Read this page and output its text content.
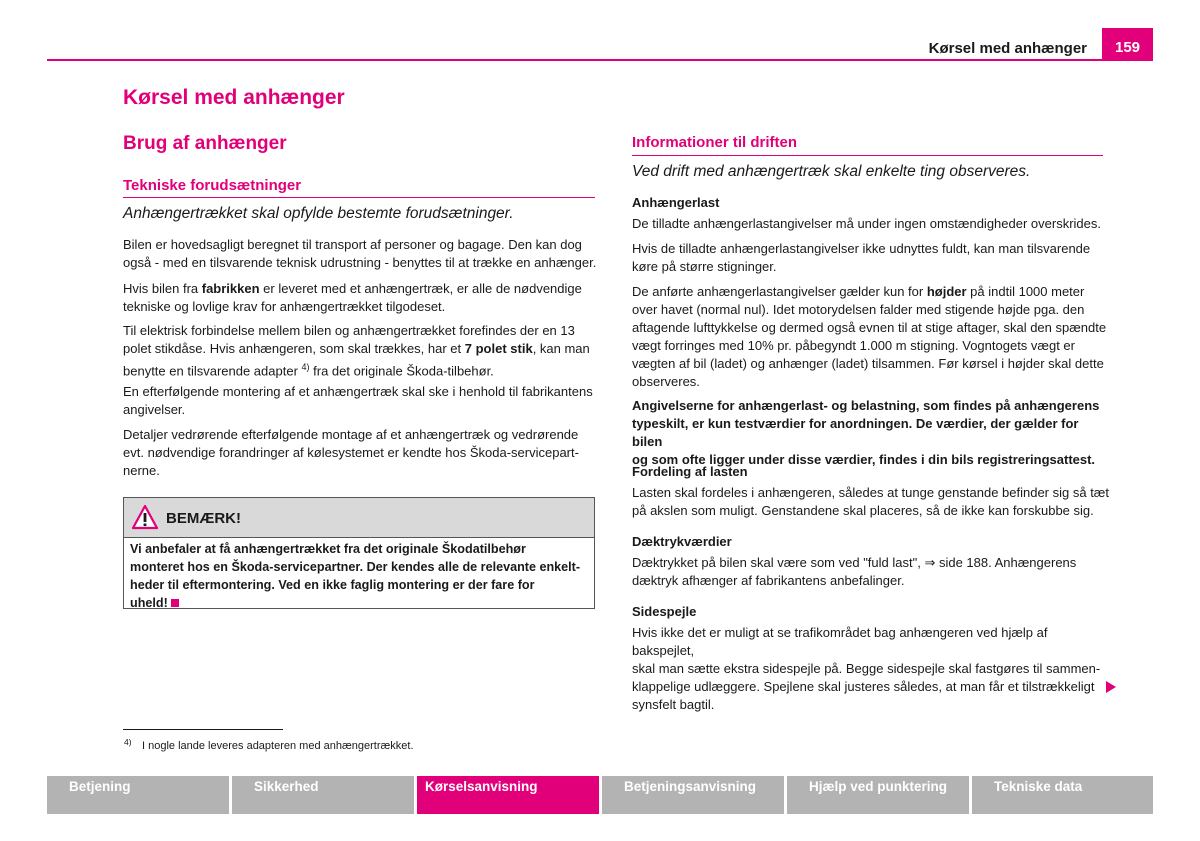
Kørsel med anhænger	159
Kørsel med anhænger
Brug af anhænger
Tekniske forudsætninger
Anhængertrækket skal opfylde bestemte forudsætninger.
Bilen er hovedsagligt beregnet til transport af personer og bagage. Den kan dog
også - med en tilsvarende teknisk udrustning - benyttes til at trække en anhænger.
Hvis bilen fra fabrikken er leveret med et anhængertræk, er alle de nødvendige
tekniske og lovlige krav for anhængertrækket tilgodeset.
Til elektrisk forbindelse mellem bilen og anhængertrækket forefindes der en 13
polet stikdåse. Hvis anhængeren, som skal trækkes, har et 7 polet stik, kan man
benytte en tilsvarende adapter $^{4)}$ fra det originale Škoda-tilbehør.
En efterfølgende montering af et anhængertræk skal ske i henhold til fabrikantens
angivelser.
Detaljer vedrørende efterfølgende montage af et anhængertræk og vedrørende
evt. nødvendige forandringer af kølesystemet er kendte hos Škoda-servicepart-
nerne.
BEMÆRK!
Vi anbefaler at få anhængertrækket fra det originale Škodatilbehør
monteret hos en Škoda-servicepartner. Der kendes alle de relevante enkelt-
heder til eftermontering. Ved en ikke faglig montering er der fare for
uheld!
Informationer til driften
Ved drift med anhængertræk skal enkelte ting observeres.
Anhængerlast
De tilladte anhængerlastangivelser må under ingen omstændigheder overskrides.
Hvis de tilladte anhængerlastangivelser ikke udnyttes fuldt, kan man tilsvarende
køre på større stigninger.
De anførte anhængerlastangivelser gælder kun for højder på indtil 1000 meter
over havet (normal nul). Idet motorydelsen falder med stigende højde pga. den
aftagende lufttykkelse og dermed også evnen til at stige aftager, skal den spændte
vægt forringes med 10% pr. påbegyndt 1.000 m stigning. Vogntogets vægt er
vægten af bil (ladet) og anhænger (ladet) tilsammen. Før kørsel i højder skal dette
observeres.
Angivelserne for anhængerlast- og belastning, som findes på anhængerens
typeskilt, er kun testværdier for anordningen. De værdier, der gælder for bilen
og som ofte ligger under disse værdier, findes i din bils registreringsattest.
Fordeling af lasten
Lasten skal fordeles i anhængeren, således at tunge genstande befinder sig så tæt
på akslen som muligt. Genstandene skal placeres, så de ikke kan forskubbe sig.
Dæktrykværdier
Dæktrykket på bilen skal være som ved "fuld last", ⇒ side 188. Anhængerens
dæktryk afhænger af fabrikantens anbefalinger.
Sidespejle
Hvis ikke det er muligt at se trafikområdet bag anhængeren ved hjælp af bakspejlet,
skal man sætte ekstra sidespejle på. Begge sidespejle skal fastgøres til sammen-
klappelige udlæggere. Spejlene skal justeres således, at man får et tilstrækkeligt
synsfelt bagtil.
4) I nogle lande leveres adapteren med anhængertrækket.
Betjening	Sikkerhed	Kørselsanvisning	Betjeningsanvisning	Hjælp ved punktering	Tekniske data
